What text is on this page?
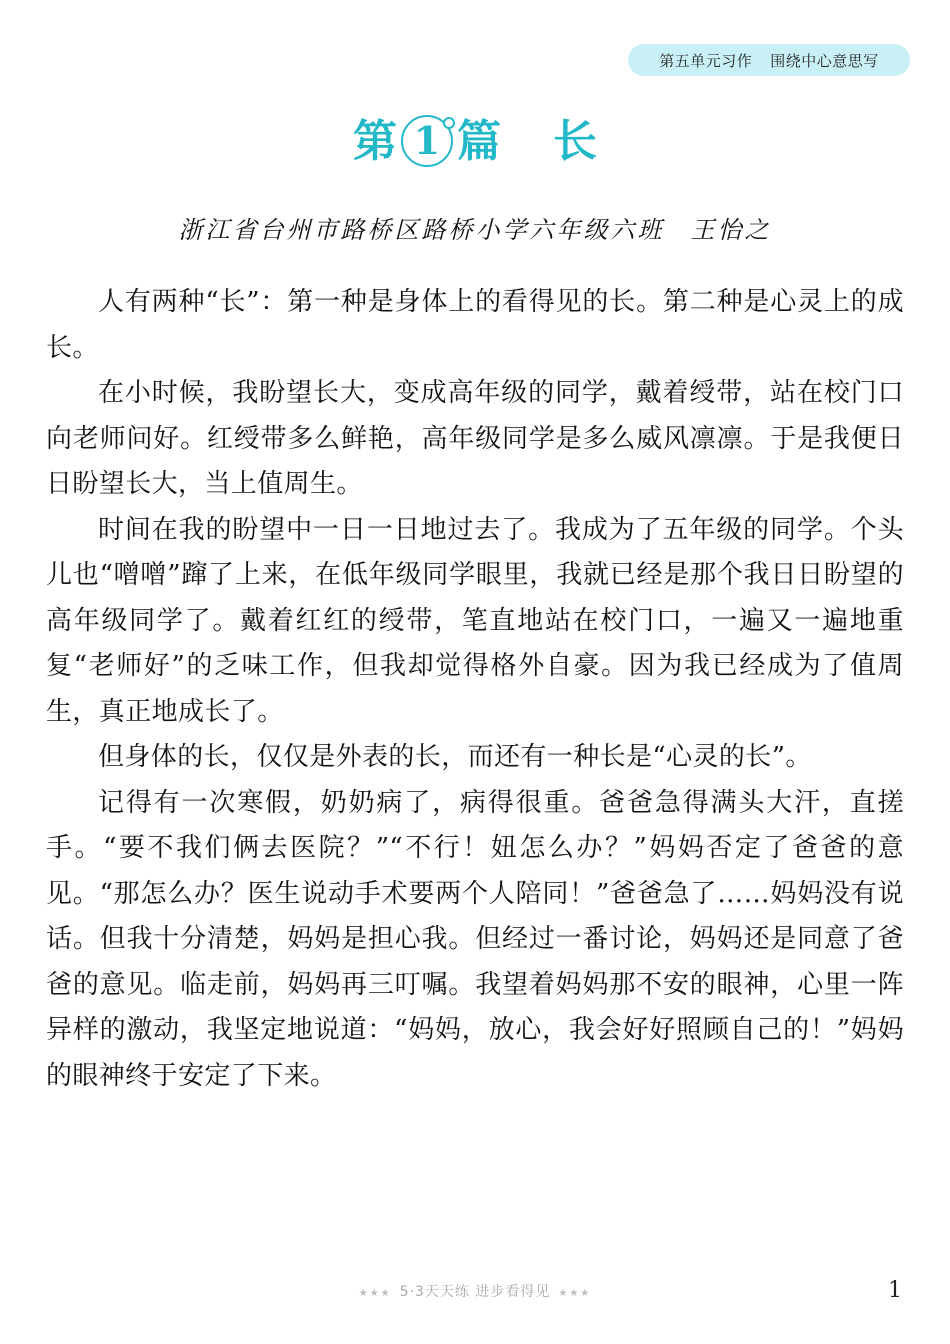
第五单元习作 围绕中心意思写
第 1 篇 长
浙江省台州市路桥区路桥小学六年级六班 王怡之

人有两种“长”：第一种是身体上的看得见的长。第二种是心灵上的成长。

在小时候，我盼望长大，变成高年级的同学，戴着绶带，站在校门口向老师问好。红绶带多么鲜艳，高年级同学是多么威风凛凛。于是我便日日盼望长大，当上值周生。

时间在我的盼望中一日一日地过去了。我成为了五年级的同学。个头儿也“噌噌”蹿了上来，在低年级同学眼里，我就已经是那个我日日盼望的高年级同学了。戴着红红的绶带，笔直地站在校门口，一遍又一遍地重复“老师好”的乏味工作，但我却觉得格外自豪。因为我已经成为了值周生，真正地成长了。

但身体的长，仅仅是外表的长，而还有一种长是“心灵的长”。

记得有一次寒假，奶奶病了，病得很重。爸爸急得满头大汗，直搓手。“要不我们俩去医院？”“不行！妞怎么办？”妈妈否定了爸爸的意见。“那怎么办？医生说动手术要两个人陪同！”爸爸急了……妈妈没有说话。但我十分清楚，妈妈是担心我。但经过一番讨论，妈妈还是同意了爸爸的意见。临走前，妈妈再三叮嘱。我望着妈妈那不安的眼神，心里一阵异样的激动，我坚定地说道：“妈妈，放心，我会好好照顾自己的！”妈妈的眼神终于安定了下来。

★★★ 5·3天天练 进步看得见 ★★★	1
